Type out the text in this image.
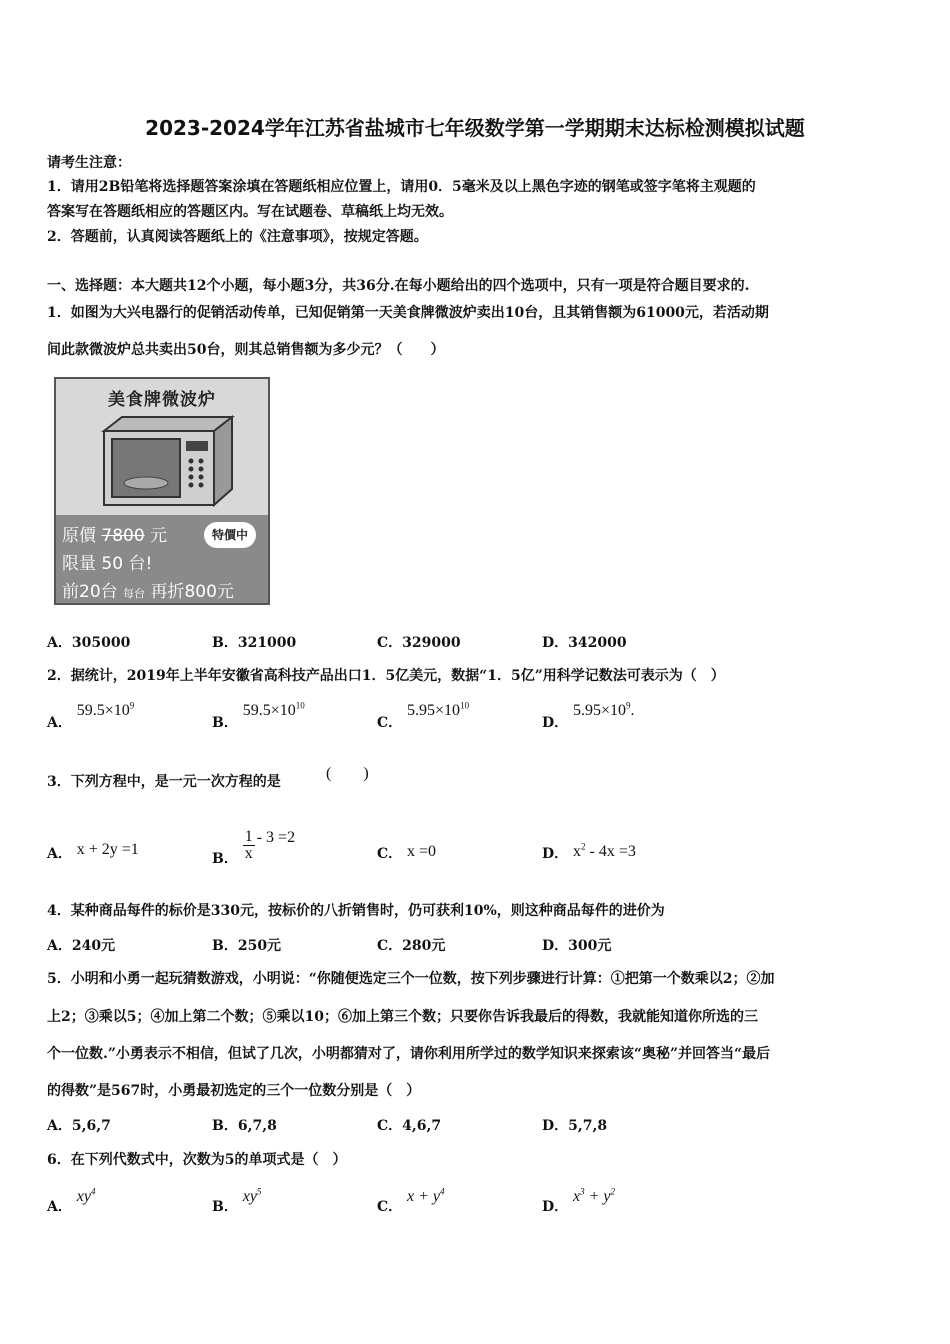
2023-2024学年江苏省盐城市七年级数学第一学期期末达标检测模拟试题
请考生注意：
1．请用2B铅笔将选择题答案涂填在答题纸相应位置上，请用0．5毫米及以上黑色字迹的钢笔或签字笔将主观题的
答案写在答题纸相应的答题区内。写在试题卷、草稿纸上均无效。
2．答题前，认真阅读答题纸上的《注意事项》，按规定答题。
一、选择题：本大题共12个小题，每小题3分，共36分.在每小题给出的四个选项中，只有一项是符合题目要求的.
1．如图为大兴电器行的促销活动传单，已知促销第一天美食牌微波炉卖出10台，且其销售额为61000元，若活动期
间此款微波炉总共卖出50台，则其总销售额为多少元？（　　）
美食牌微波炉
原價 7800 元	特價中
限量 50 台!
前20台 每台 再折800元
A．305000	B．321000	C．329000	D．342000
2．据统计，2019年上半年安徽省高科技产品出口1．5亿美元，数据“1．5亿”用科学记数法可表示为（　）
A． $59.5\times 10^9$
B． $59.5\times 10^{10}$
C． $5.95\times 10^{10}$
D． $5.95\times 10^9$.
3．下列方程中，是一元一次方程的是	(　　)
A． x + 2y =1
B． $\frac{1}{x} - 3 =2$
C． x =0	D． $x^2 - 4x =3$
4．某种商品每件的标价是330元，按标价的八折销售时，仍可获利10%，则这种商品每件的进价为
A．240元	B．250元	C．280元	D．300元
5．小明和小勇一起玩猜数游戏，小明说：“你随便选定三个一位数，按下列步骤进行计算：①把第一个数乘以2；②加
上2；③乘以5；④加上第二个数；⑤乘以10；⑥加上第三个数；只要你告诉我最后的得数，我就能知道你所选的三
个一位数.”小勇表示不相信，但试了几次，小明都猜对了，请你利用所学过的数学知识来探索该“奥秘”并回答当“最后
的得数”是567时，小勇最初选定的三个一位数分别是（　）
A．5,6,7	B．6,7,8	C．4,6,7	D．5,7,8
6．在下列代数式中，次数为5的单项式是（　）
A． $xy^4$
B． $xy^5$
C． $x + y^4$
D． $x^3 + y^2$
